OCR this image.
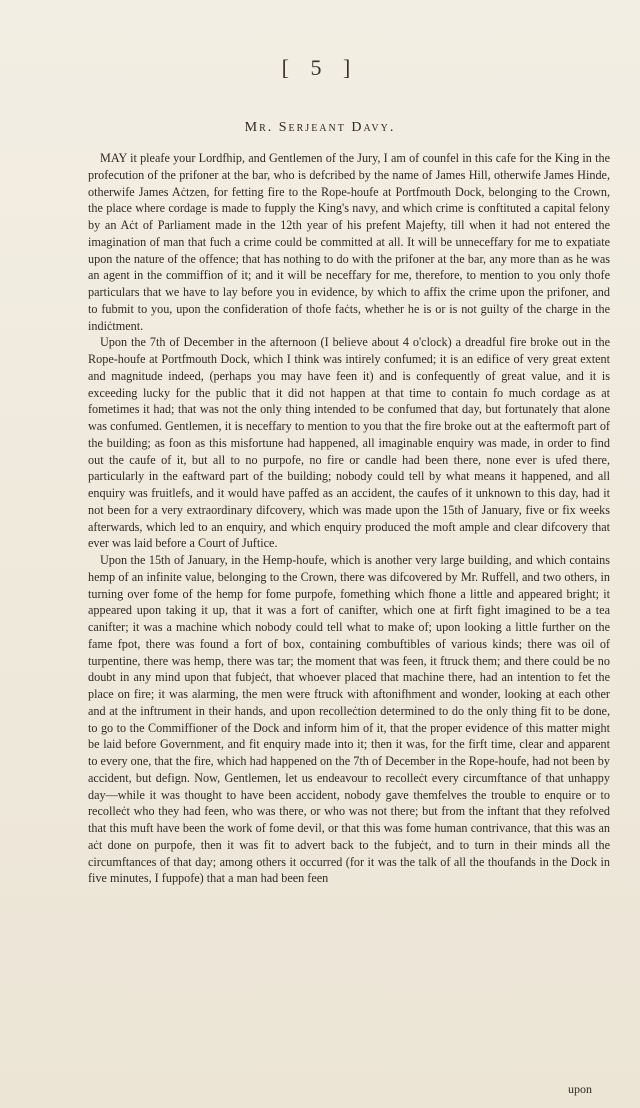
[ 5 ]
Mr. Serjeant Davy.

MAY it pleafe your Lordfhip, and Gentlemen of the Jury, I am of counfel in this cafe for the King in the profecution of the prifoner at the bar, who is defcribed by the name of James Hill, otherwife James Hinde, otherwife James Aċtzen, for fetting fire to the Rope-houfe at Portfmouth Dock, belonging to the Crown, the place where cordage is made to fupply the King's navy, and which crime is conftituted a capital felony by an Aċt of Parliament made in the 12th year of his prefent Majefty, till when it had not entered the imagination of man that fuch a crime could be committed at all. It will be unneceffary for me to expatiate upon the nature of the offence; that has nothing to do with the prifoner at the bar, any more than as he was an agent in the commiffion of it; and it will be neceffary for me, therefore, to mention to you only thofe particulars that we have to lay before you in evidence, by which to affix the crime upon the prifoner, and to fubmit to you, upon the confideration of thofe faċts, whether he is or is not guilty of the charge in the indiċtment.

Upon the 7th of December in the afternoon (I believe about 4 o'clock) a dreadful fire broke out in the Rope-houfe at Portfmouth Dock, which I think was intirely confumed; it is an edifice of very great extent and magnitude indeed, (perhaps you may have feen it) and is confequently of great value, and it is exceeding lucky for the public that it did not happen at that time to contain fo much cordage as at fometimes it had; that was not the only thing intended to be confumed that day, but fortunately that alone was confumed. Gentlemen, it is neceffary to mention to you that the fire broke out at the eaftermoft part of the building; as foon as this misfortune had happened, all imaginable enquiry was made, in order to find out the caufe of it, but all to no purpofe, no fire or candle had been there, none ever is ufed there, particularly in the eaftward part of the building; nobody could tell by what means it happened, and all enquiry was fruitlefs, and it would have paffed as an accident, the caufes of it unknown to this day, had it not been for a very extraordinary difcovery, which was made upon the 15th of January, five or fix weeks afterwards, which led to an enquiry, and which enquiry produced the moft ample and clear difcovery that ever was laid before a Court of Juftice.

Upon the 15th of January, in the Hemp-houfe, which is another very large building, and which contains hemp of an infinite value, belonging to the Crown, there was difcovered by Mr. Ruffell, and two others, in turning over fome of the hemp for fome purpofe, fomething which fhone a little and appeared bright; it appeared upon taking it up, that it was a fort of canifter, which one at firft fight imagined to be a tea canifter; it was a machine which nobody could tell what to make of; upon looking a little further on the fame fpot, there was found a fort of box, containing combuftibles of various kinds; there was oil of turpentine, there was hemp, there was tar; the moment that was feen, it ftruck them; and there could be no doubt in any mind upon that fubjeċt, that whoever placed that machine there, had an intention to fet the place on fire; it was alarming, the men were ftruck with aftonifhment and wonder, looking at each other and at the inftrument in their hands, and upon recolleċtion determined to do the only thing fit to be done, to go to the Commiffioner of the Dock and inform him of it, that the proper evidence of this matter might be laid before Government, and fit enquiry made into it; then it was, for the firft time, clear and apparent to every one, that the fire, which had happened on the 7th of December in the Rope-houfe, had not been by accident, but defign. Now, Gentlemen, let us endeavour to recolleċt every circumftance of that unhappy day—while it was thought to have been accident, nobody gave themfelves the trouble to enquire or to recolleċt who they had feen, who was there, or who was not there; but from the inftant that they refolved that this muft have been the work of fome devil, or that this was fome human contrivance, that this was an aċt done on purpofe, then it was fit to advert back to the fubjeċt, and to turn in their minds all the circumftances of that day; among others it occurred (for it was the talk of all the thoufands in the Dock in five minutes, I fuppofe) that a man had been feen

upon
